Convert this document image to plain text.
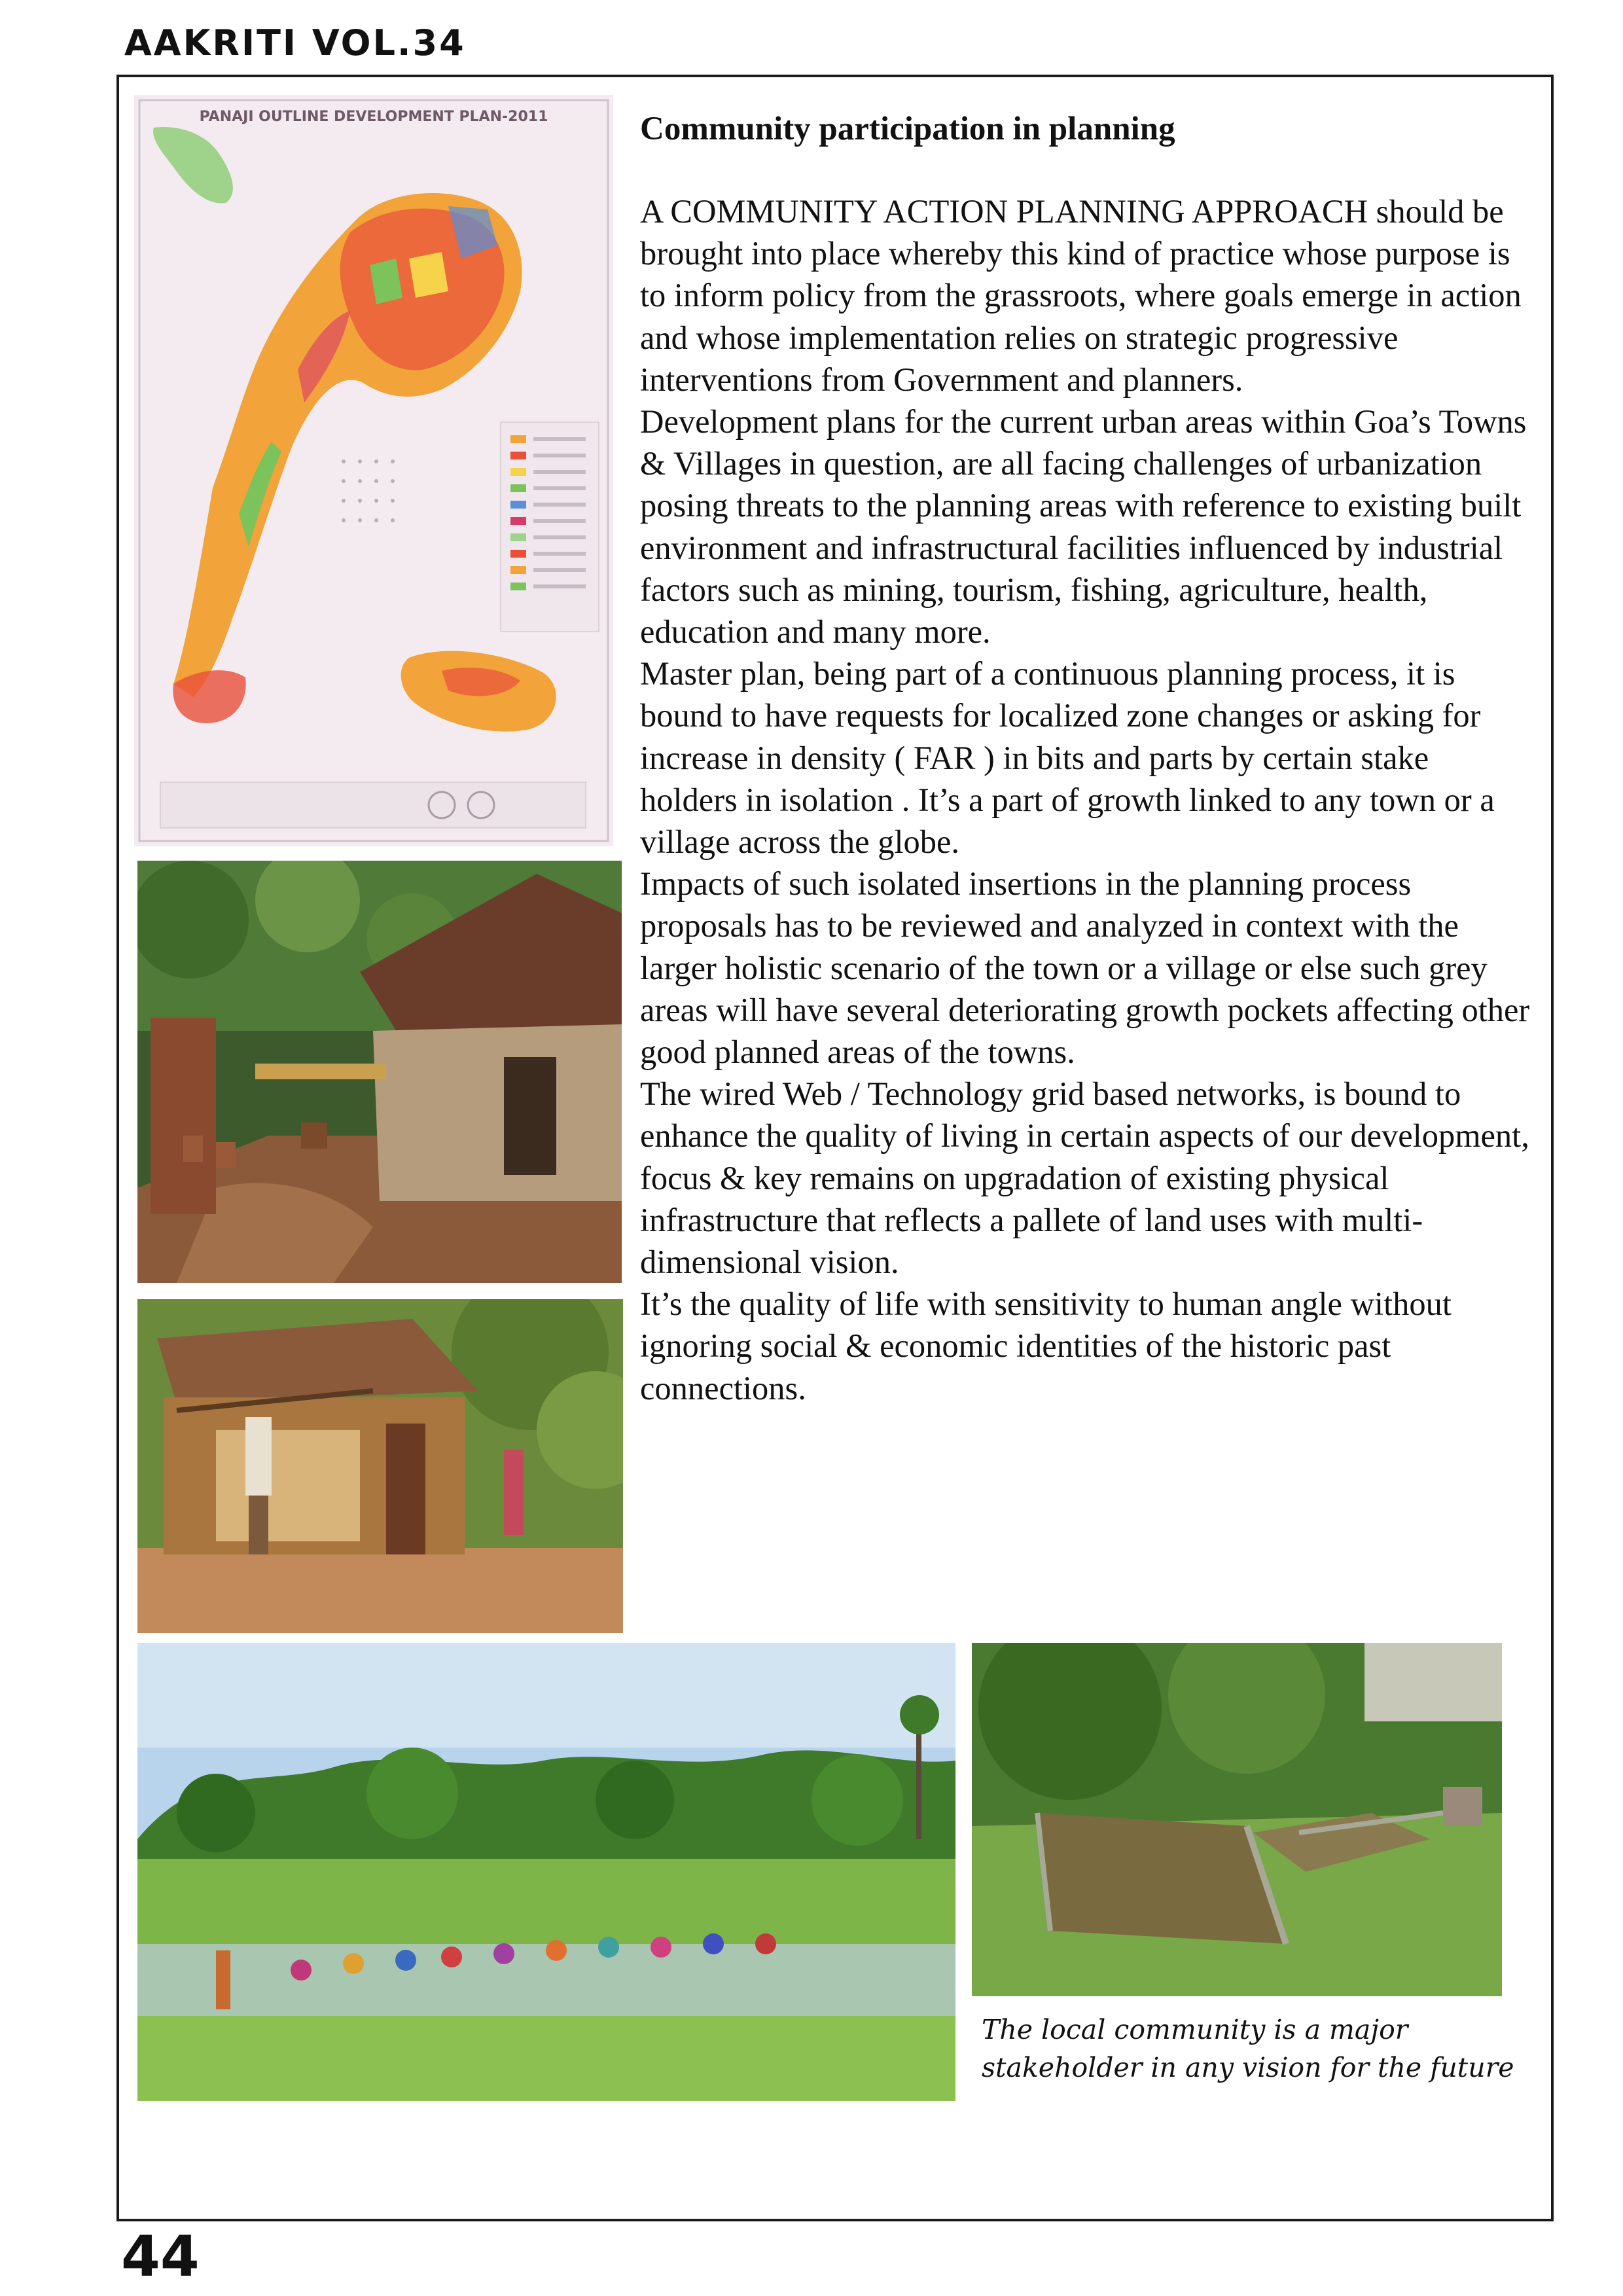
AAKRITI VOL.34
PANAJI OUTLINE DEVELOPMENT PLAN-2011
The local community is a major stakeholder in any vision for the future
Community participation in planning

A COMMUNITY ACTION PLANNING APPROACH should be brought into place whereby this kind of practice whose purpose is to inform policy from the grassroots, where goals emerge in action and whose implementation relies on strategic progressive interventions from Government and planners.

Development plans for the current urban areas within Goa’s Towns & Villages in question, are all facing challenges of urbanization posing threats to the planning areas with reference to existing built environment and infrastructural facilities influenced by industrial factors such as mining, tourism, fishing, agriculture, health, education and many more.

Master plan, being part of a continuous planning process, it is bound to have requests for localized zone changes or asking for increase in density ( FAR ) in bits and parts by certain stake holders in isolation . It’s a part of growth linked to any town or a village across the globe.

Impacts of such isolated insertions in the planning process proposals has to be reviewed and analyzed in context with the larger holistic scenario of the town or a village or else such grey areas will have several deteriorating growth pockets affecting other good planned areas of the towns.

The wired Web / Technology grid based networks, is bound to enhance the quality of living in certain aspects of our development, focus & key remains on upgradation of existing physical infrastructure that reflects a pallete of land uses with multi-dimensional vision.

It’s the quality of life with sensitivity to human angle without ignoring social & economic identities of the historic past connections.

44
